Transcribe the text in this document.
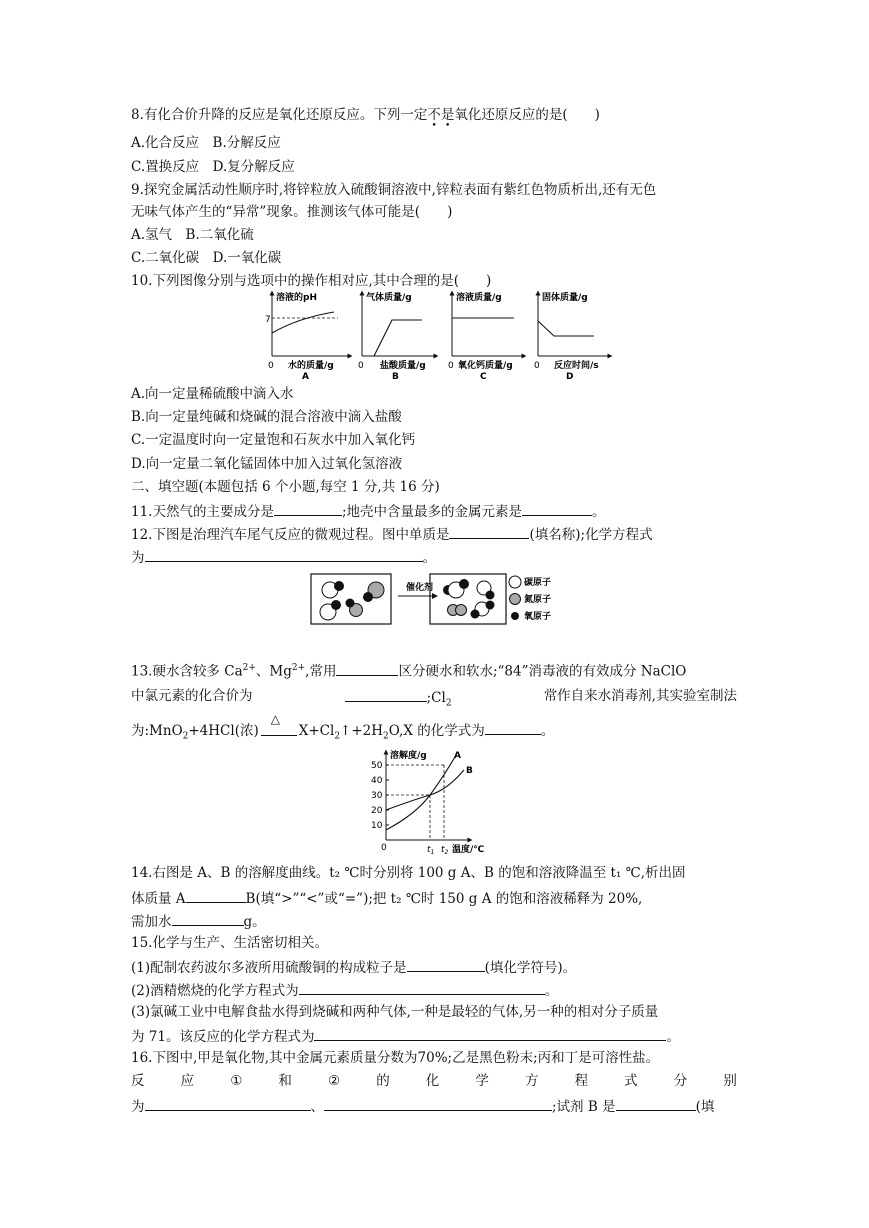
8.有化合价升降的反应是氧化还原反应。下列一定不是氧化还原反应的是(　　)
A.化合反应　B.分解反应
C.置换反应　D.复分解反应
9.探究金属活动性顺序时,将锌粒放入硫酸铜溶液中,锌粒表面有紫红色物质析出,还有无色
无味气体产生的“异常”现象。推测该气体可能是(　　)
A.氢气　B.二氧化硫
C.二氧化碳　D.一氧化碳
10.下列图像分别与选项中的操作相对应,其中合理的是(　　)
7
溶液的pH
0 水的质量/g
A
气体质量/g
0 盐酸质量/g
B
溶液质量/g
0 氧化钙质量/g
C
固体质量/g
0 反应时间/s
D
A.向一定量稀硫酸中滴入水
B.向一定量纯碱和烧碱的混合溶液中滴入盐酸
C.一定温度时向一定量饱和石灰水中加入氧化钙
D.向一定量二氧化锰固体中加入过氧化氢溶液
二、填空题(本题包括 6 个小题,每空 1 分,共 16 分)
11.天然气的主要成分是	;地壳中含量最多的金属元素是	。
12.下图是治理汽车尾气反应的微观过程。图中单质是	(填名称);化学方程式
为	。
催化剂	碳原子
氮原子
氧原子
13.硬水含较多 $Ca^{2+}$、$Mg^{2+}$,常用	区分硬水和软水;“84”消毒液的有效成分 NaClO
中氯元素的化合价为	$;Cl_2$	常作自来水消毒剂,其实验室制法
为:MnO$_2$+4HCl(浓)
△
$X+Cl_2↑+2H_2O,X$ 的化学式为	。
50
40
30
20
10
A
B
溶解度/g
0	$t_1$ $t_2$ 温度/℃
14.右图是 A、B 的溶解度曲线。t₂ ℃时分别将 100 g A、B 的饱和溶液降温至 t₁ ℃,析出固
体质量 A	B(填“>”“<”或“=”);把 t₂ ℃时 150 g A 的饱和溶液稀释为 20%,
需加水	g。
15.化学与生产、生活密切相关。
(1)配制农药波尔多液所用硫酸铜的构成粒子是	(填化学符号)。
(2)酒精燃烧的化学方程式为	。
(3)氯碱工业中电解食盐水得到烧碱和两种气体,一种是最轻的气体,另一种的相对分子质量
为 71。该反应的化学方程式为	。
16.下图中,甲是氧化物,其中金属元素质量分数为70%;乙是黑色粉末;丙和丁是可溶性盐。
反	应	①	和	②	的	化	学	方	程	式	分	别
为	、	;试剂 B 是	(填
